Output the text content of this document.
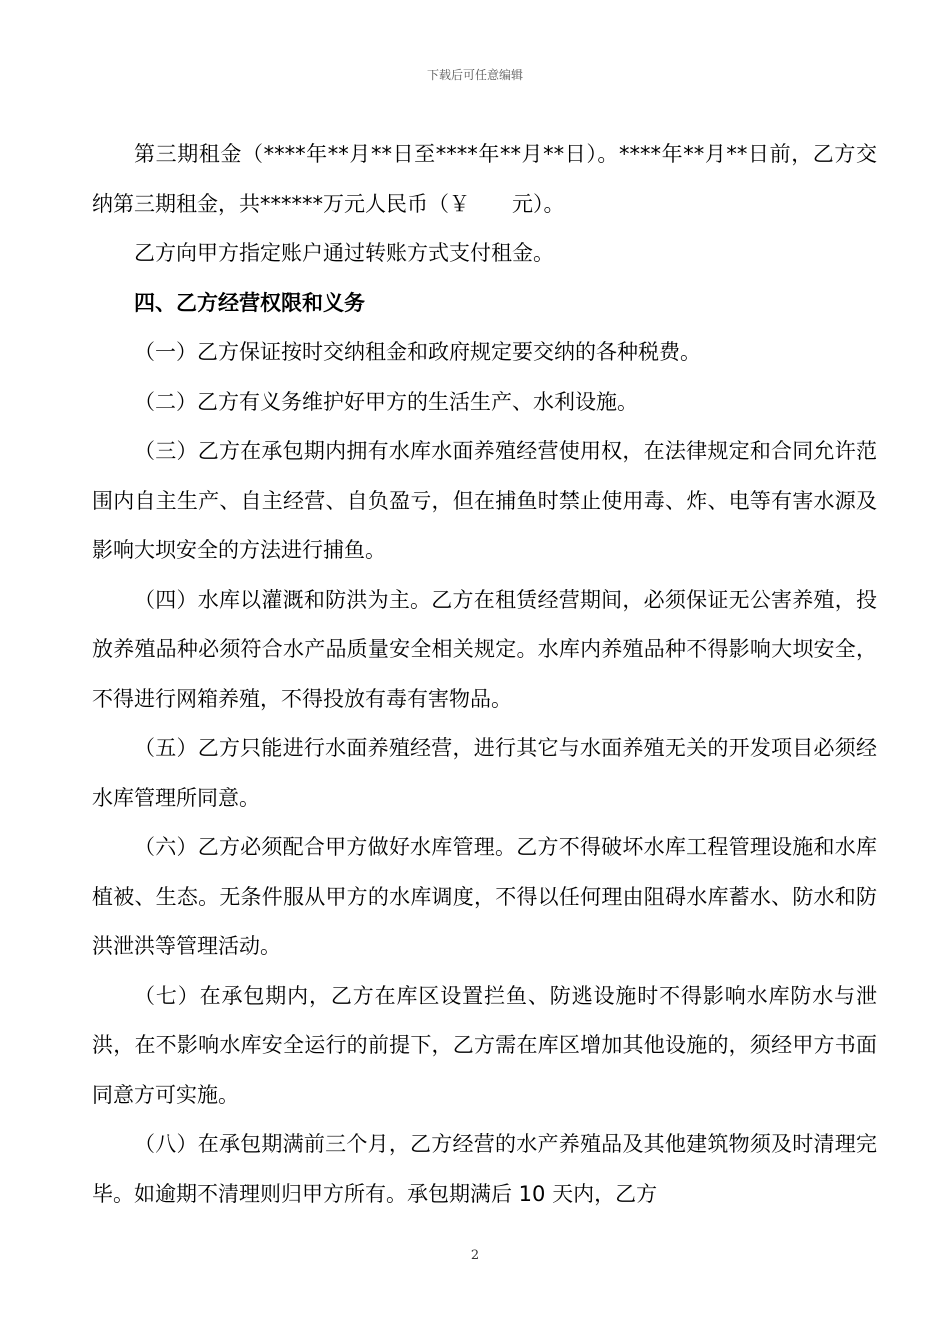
下载后可任意编辑

第三期租金（****年**月**日至****年**月**日）。****年**月**日前，乙方交纳第三期租金，共******万元人民币（￥　　元）。

乙方向甲方指定账户通过转账方式支付租金。

四、乙方经营权限和义务

（一）乙方保证按时交纳租金和政府规定要交纳的各种税费。

（二）乙方有义务维护好甲方的生活生产、水利设施。

（三）乙方在承包期内拥有水库水面养殖经营使用权，在法律规定和合同允许范围内自主生产、自主经营、自负盈亏，但在捕鱼时禁止使用毒、炸、电等有害水源及影响大坝安全的方法进行捕鱼。

（四）水库以灌溉和防洪为主。乙方在租赁经营期间，必须保证无公害养殖，投放养殖品种必须符合水产品质量安全相关规定。水库内养殖品种不得影响大坝安全，不得进行网箱养殖，不得投放有毒有害物品。

（五）乙方只能进行水面养殖经营，进行其它与水面养殖无关的开发项目必须经水库管理所同意。

（六）乙方必须配合甲方做好水库管理。乙方不得破坏水库工程管理设施和水库植被、生态。无条件服从甲方的水库调度，不得以任何理由阻碍水库蓄水、防水和防洪泄洪等管理活动。

（七）在承包期内，乙方在库区设置拦鱼、防逃设施时不得影响水库防水与泄洪，在不影响水库安全运行的前提下，乙方需在库区增加其他设施的，须经甲方书面同意方可实施。

（八）在承包期满前三个月，乙方经营的水产养殖品及其他建筑物须及时清理完毕。如逾期不清理则归甲方所有。承包期满后 10 天内，乙方

2
